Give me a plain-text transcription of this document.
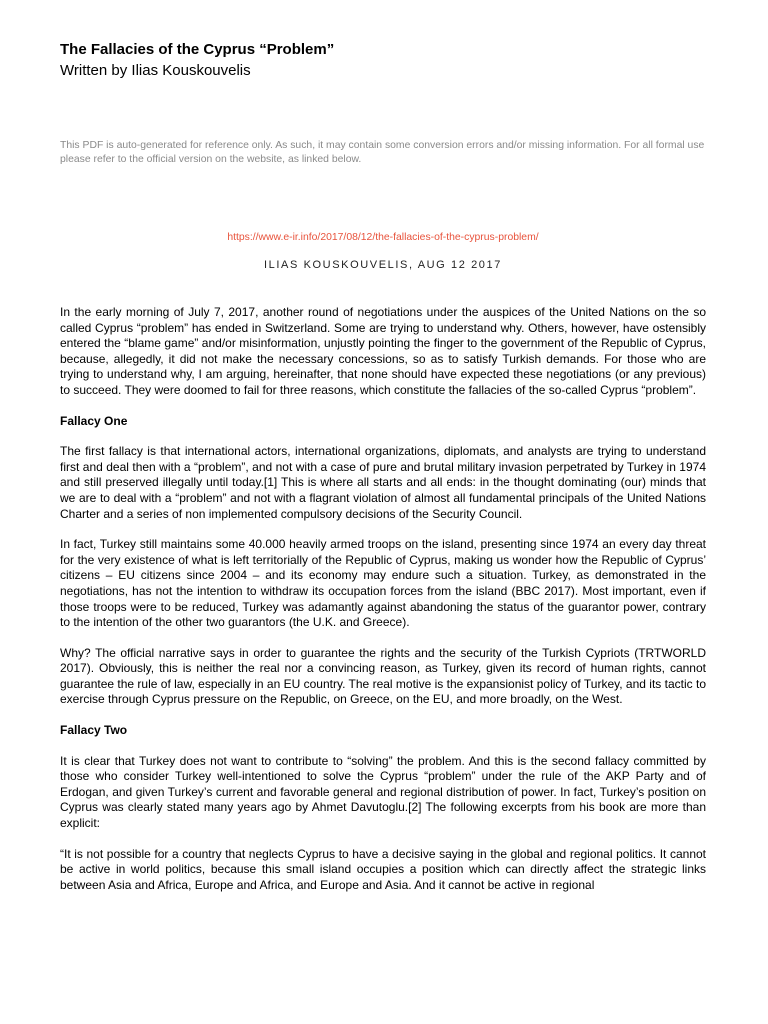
The Fallacies of the Cyprus “Problem”
Written by Ilias Kouskouvelis
This PDF is auto-generated for reference only. As such, it may contain some conversion errors and/or missing information. For all formal use please refer to the official version on the website, as linked below.
https://www.e-ir.info/2017/08/12/the-fallacies-of-the-cyprus-problem/
ILIAS KOUSKOUVELIS, AUG 12 2017

In the early morning of July 7, 2017, another round of negotiations under the auspices of the United Nations on the so called Cyprus “problem” has ended in Switzerland. Some are trying to understand why. Others, however, have ostensibly entered the “blame game” and/or misinformation, unjustly pointing the finger to the government of the Republic of Cyprus, because, allegedly, it did not make the necessary concessions, so as to satisfy Turkish demands. For those who are trying to understand why, I am arguing, hereinafter, that none should have expected these negotiations (or any previous) to succeed. They were doomed to fail for three reasons, which constitute the fallacies of the so-called Cyprus “problem”.

Fallacy One

The first fallacy is that international actors, international organizations, diplomats, and analysts are trying to understand first and deal then with a “problem”, and not with a case of pure and brutal military invasion perpetrated by Turkey in 1974 and still preserved illegally until today.[1] This is where all starts and all ends: in the thought dominating (our) minds that we are to deal with a “problem” and not with a flagrant violation of almost all fundamental principals of the United Nations Charter and a series of non implemented compulsory decisions of the Security Council.

In fact, Turkey still maintains some 40.000 heavily armed troops on the island, presenting since 1974 an every day threat for the very existence of what is left territorially of the Republic of Cyprus, making us wonder how the Republic of Cyprus’ citizens – EU citizens since 2004 – and its economy may endure such a situation. Turkey, as demonstrated in the negotiations, has not the intention to withdraw its occupation forces from the island (BBC 2017). Most important, even if those troops were to be reduced, Turkey was adamantly against abandoning the status of the guarantor power, contrary to the intention of the other two guarantors (the U.K. and Greece).

Why? The official narrative says in order to guarantee the rights and the security of the Turkish Cypriots (TRTWORLD 2017). Obviously, this is neither the real nor a convincing reason, as Turkey, given its record of human rights, cannot guarantee the rule of law, especially in an EU country. The real motive is the expansionist policy of Turkey, and its tactic to exercise through Cyprus pressure on the Republic, on Greece, on the EU, and more broadly, on the West.

Fallacy Two

It is clear that Turkey does not want to contribute to “solving” the problem. And this is the second fallacy committed by those who consider Turkey well-intentioned to solve the Cyprus “problem” under the rule of the AKP Party and of Erdogan, and given Turkey’s current and favorable general and regional distribution of power. In fact, Turkey’s position on Cyprus was clearly stated many years ago by Ahmet Davutoglu.[2] The following excerpts from his book are more than explicit:

“It is not possible for a country that neglects Cyprus to have a decisive saying in the global and regional politics. It cannot be active in world politics, because this small island occupies a position which can directly affect the strategic links between Asia and Africa, Europe and Africa, and Europe and Asia. And it cannot be active in regional
